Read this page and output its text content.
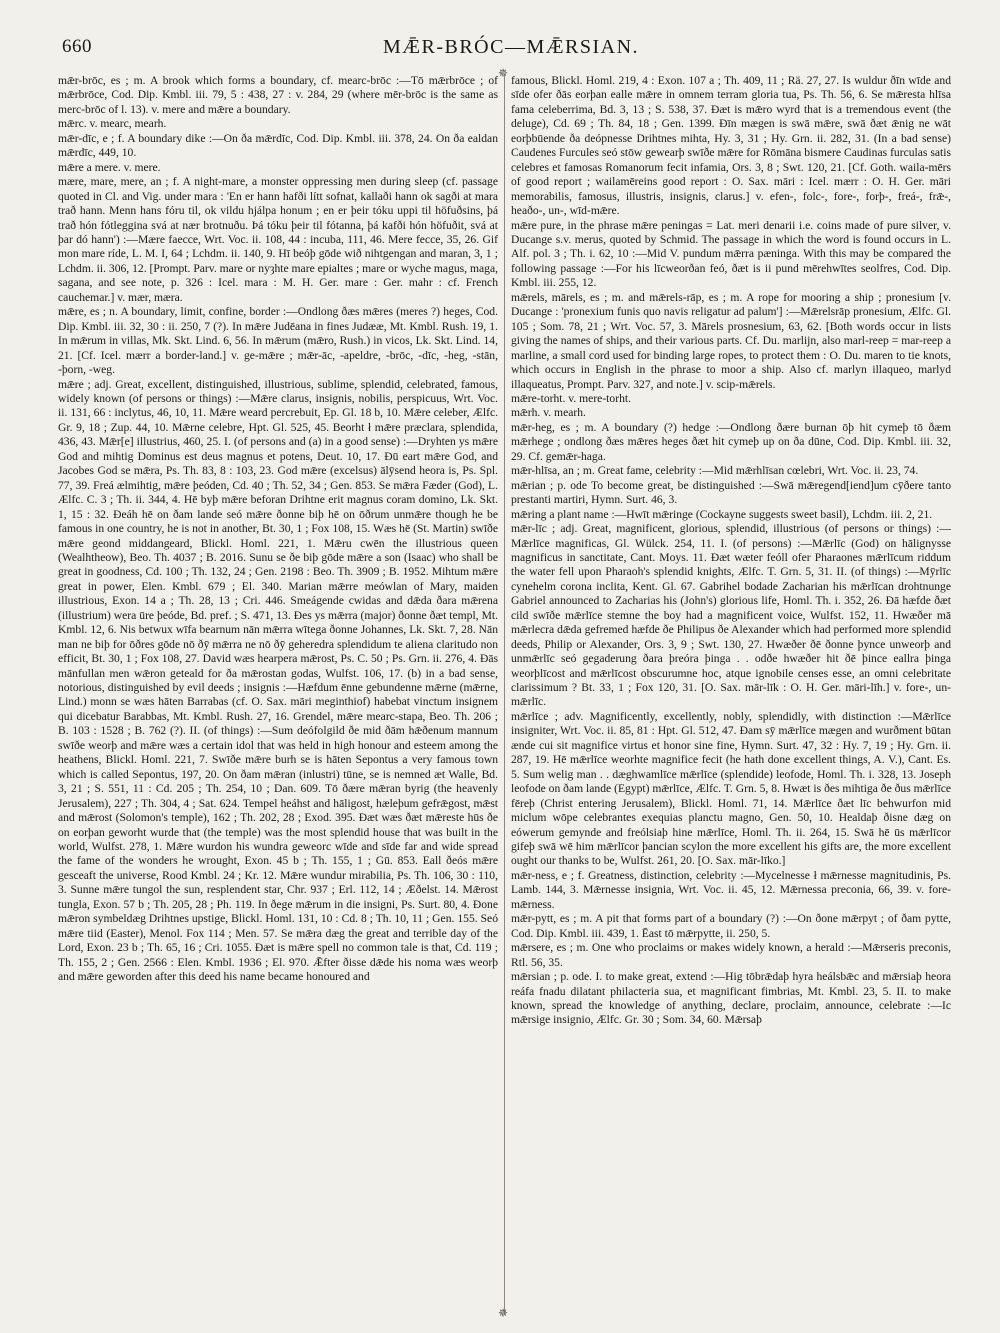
660	MǢR-BRÓC—MǢRSIAN.

mǣr-brōc, es ; m. A brook which forms a boundary, cf. mearc-brōc :—Tō mǣrbrōce ; of mǣrbrōce, Cod. Dip. Kmbl. iii. 79, 5 : 438, 27 : v. 284, 29 (where mēr-brōc is the same as merc-brōc of l. 13). v. mere and mǣre a boundary.

mǣrc. v. mearc, mearh.

mǣr-dīc, e ; f. A boundary dike :—On ða mǣrdīc, Cod. Dip. Kmbl. iii. 378, 24. On ða ealdan mǣrdīc, 449, 10.

mǣre a mere. v. mere.

mære, mare, mere, an ; f. A night-mare, a monster oppressing men during sleep (cf. passage quoted in Cl. and Vig. under mara : 'En er hann hafði lítt sofnat, kallaði hann ok sagði at mara trað hann. Menn hans fóru til, ok vildu hjálpa honum ; en er þeir tóku uppi til höfuðsins, þá trað hón fótleggina svá at nær brotnuðu. Þá tóku þeir til fótanna, þá kafði hón höfuðit, svá at þar dó hann') :—Mære faecce, Wrt. Voc. ii. 108, 44 : incuba, 111, 46. Mere fecce, 35, 26. Gif mon mare ríde, L. M. I, 64 ; Lchdm. ii. 140, 9. Hī beóþ gōde wið nihtgengan and maran, 3, 1 ; Lchdm. ii. 306, 12. [Prompt. Parv. mare or nyȝhte mare epialtes ; mare or wyche magus, maga, sagana, and see note, p. 326 : Icel. mara : M. H. Ger. mare : Ger. mahr : cf. French cauchemar.] v. mær, mæra.

mǣre, es ; n. A boundary, limit, confine, border :—Ondlong ðæs mǣres (meres ?) heges, Cod. Dip. Kmbl. iii. 32, 30 : ii. 250, 7 (?). In mǣre Judēana in fines Judææ, Mt. Kmbl. Rush. 19, 1. In mǣrum in villas, Mk. Skt. Lind. 6, 56. In mǣrum (mǣro, Rush.) in vicos, Lk. Skt. Lind. 14, 21. [Cf. Icel. mærr a border-land.] v. ge-mǣre ; mǣr-āc, -apeldre, -brōc, -dīc, -heg, -stān, -þorn, -weg.

mǣre ; adj. Great, excellent, distinguished, illustrious, sublime, splendid, celebrated, famous, widely known (of persons or things) :—Mǣre clarus, insignis, nobilis, perspicuus, Wrt. Voc. ii. 131, 66 : inclytus, 46, 10, 11. Mǣre weard percrebuit, Ep. Gl. 18 b, 10. Mǣre celeber, Ælfc. Gr. 9, 18 ; Zup. 44, 10. Mǣrne celebre, Hpt. Gl. 525, 45. Beorht ł mǣre præclara, splendida, 436, 43. Mǣr[e] illustrius, 460, 25. I. (of persons and (a) in a good sense) :—Dryhten ys mǣre God and mihtig Dominus est deus magnus et potens, Deut. 10, 17. Ðū eart mǣre God, and Jacobes God se mǣra, Ps. Th. 83, 8 : 103, 23. God mǣre (excelsus) ālȳsend heora is, Ps. Spl. 77, 39. Freá ælmihtig, mǣre þeóden, Cd. 40 ; Th. 52, 34 ; Gen. 853. Se mǣra Fæder (God), L. Ælfc. C. 3 ; Th. ii. 344, 4. Hē byþ mǣre beforan Drihtne erit magnus coram domino, Lk. Skt. 1, 15 : 32. Ðeáh hē on ðam lande seó mǣre ðonne biþ hē on ōðrum unmǣre though he be famous in one country, he is not in another, Bt. 30, 1 ; Fox 108, 15. Wæs hē (St. Martin) swīðe mǣre geond middangeard, Blickl. Homl. 221, 1. Mǣru cwēn the illustrious queen (Wealhtheow), Beo. Th. 4037 ; B. 2016. Sunu se ðe biþ gōde mǣre a son (Isaac) who shall be great in goodness, Cd. 100 ; Th. 132, 24 ; Gen. 2198 : Beo. Th. 3909 ; B. 1952. Mihtum mǣre great in power, Elen. Kmbl. 679 ; El. 340. Marian mǣrre meówlan of Mary, maiden illustrious, Exon. 14 a ; Th. 28, 13 ; Cri. 446. Smeágende cwidas and dǣda ðara mǣrena (illustrium) wera ūre þeóde, Bd. pref. ; S. 471, 13. Ðes ys mǣrra (major) ðonne ðæt templ, Mt. Kmbl. 12, 6. Nis betwux wīfa bearnum nān mǣrra wītega ðonne Johannes, Lk. Skt. 7, 28. Nān man ne biþ for ōðres gōde nō ðȳ mǣrra ne nō ðȳ geheredra splendidum te aliena claritudo non efficit, Bt. 30, 1 ; Fox 108, 27. David wæs hearpera mǣrost, Ps. C. 50 ; Ps. Grn. ii. 276, 4. Ðās mānfullan men wǣron geteald for ða mǣrostan godas, Wulfst. 106, 17. (b) in a bad sense, notorious, distinguished by evil deeds ; insignis :—Hæfdum ēnne gebundenne mǣrne (mǣrne, Lind.) monn se wæs hāten Barrabas (cf. O. Sax. māri meginthiof) habebat vinctum insignem qui dicebatur Barabbas, Mt. Kmbl. Rush. 27, 16. Grendel, mǣre mearc-stapa, Beo. Th. 206 ; B. 103 : 1528 ; B. 762 (?). II. (of things) :—Sum deófolgild ðe mid ðām hǣðenum mannum swīðe weorþ and mǣre wæs a certain idol that was held in high honour and esteem among the heathens, Blickl. Homl. 221, 7. Swīðe mǣre burh se is hāten Sepontus a very famous town which is called Sepontus, 197, 20. On ðam mǣran (inlustri) tūne, se is nemned æt Walle, Bd. 3, 21 ; S. 551, 11 : Cd. 205 ; Th. 254, 10 ; Dan. 609. Tō ðære mǣran byrig (the heavenly Jerusalem), 227 ; Th. 304, 4 ; Sat. 624. Tempel heáhst and hāligost, hæleþum gefrǣgost, mǣst and mǣrost (Solomon's temple), 162 ; Th. 202, 28 ; Exod. 395. Ðæt wæs ðæt mǣreste hūs ðe on eorþan geworht wurde that (the temple) was the most splendid house that was built in the world, Wulfst. 278, 1. Mǣre wurdon his wundra geweorc wīde and sīde far and wide spread the fame of the wonders he wrought, Exon. 45 b ; Th. 155, 1 ; Gū. 853. Eall ðeós mǣre gesceaft the universe, Rood Kmbl. 24 ; Kr. 12. Mǣre wundur mirabilia, Ps. Th. 106, 30 : 110, 3. Sunne mǣre tungol the sun, resplendent star, Chr. 937 ; Erl. 112, 14 ; Æðelst. 14. Mǣrost tungla, Exon. 57 b ; Th. 205, 28 ; Ph. 119. In ðege mǣrum in die insigni, Ps. Surt. 80, 4. Ðone mǣron symbeldæg Drihtnes upstige, Blickl. Homl. 131, 10 : Cd. 8 ; Th. 10, 11 ; Gen. 155. Seó mǣre tiid (Easter), Menol. Fox 114 ; Men. 57. Se mǣra dæg the great and terrible day of the Lord, Exon. 23 b ; Th. 65, 16 ; Cri. 1055. Ðæt is mǣre spell no common tale is that, Cd. 119 ; Th. 155, 2 ; Gen. 2566 : Elen. Kmbl. 1936 ; El. 970. Ǣfter ðisse dǣde his noma wæs weorþ and mǣre geworden after this deed his name became honoured and

✵
✵

famous, Blickl. Homl. 219, 4 : Exon. 107 a ; Th. 409, 11 ; Rä. 27, 27. Is wuldur ðīn wīde and sīde ofer ðās eorþan ealle mǣre in omnem terram gloria tua, Ps. Th. 56, 6. Se mǣresta hlīsa fama celeberrima, Bd. 3, 13 ; S. 538, 37. Ðæt is mǣro wyrd that is a tremendous event (the deluge), Cd. 69 ; Th. 84, 18 ; Gen. 1399. Ðīn mægen is swā mǣre, swā ðæt ǣnig ne wāt eorþbūende ða deópnesse Drihtnes mihta, Hy. 3, 31 ; Hy. Grn. ii. 282, 31. (In a bad sense) Caudenes Furcules seó stōw gewearþ swīðe mǣre for Rōmāna bismere Caudinas furculas satis celebres et famosas Romanorum fecit infamia, Ors. 3, 8 ; Swt. 120, 21. [Cf. Goth. waila-mērs of good report ; wailamēreins good report : O. Sax. māri : Icel. mærr : O. H. Ger. māri memorabilis, famosus, illustris, insignis, clarus.] v. efen-, folc-, fore-, forþ-, freá-, frǣ-, heaðo-, un-, wīd-mǣre.

mǣre pure, in the phrase mǣre peningas = Lat. meri denarii i.e. coins made of pure silver, v. Ducange s.v. merus, quoted by Schmid. The passage in which the word is found occurs in L. Alf. pol. 3 ; Th. i. 62, 10 :—Mid V. pundum mǣrra pæninga. With this may be compared the following passage :—For his līcweorðan feó, ðæt is ii pund mērehwītes seolfres, Cod. Dip. Kmbl. iii. 255, 12.

mǣrels, mārels, es ; m. and mǣrels-rāp, es ; m. A rope for mooring a ship ; pronesium [v. Ducange : 'pronexium funis quo navis religatur ad palum'] :—Mǣrelsrāp pronesium, Ælfc. Gl. 105 ; Som. 78, 21 ; Wrt. Voc. 57, 3. Mārels prosnesium, 63, 62. [Both words occur in lists giving the names of ships, and their various parts. Cf. Du. marlijn, also marl-reep = mar-reep a marline, a small cord used for binding large ropes, to protect them : O. Du. maren to tie knots, which occurs in English in the phrase to moor a ship. Also cf. marlyn illaqueo, marlyd illaqueatus, Prompt. Parv. 327, and note.] v. scip-mǣrels.

mǣre-torht. v. mere-torht.

mǣrh. v. mearh.

mǣr-heg, es ; m. A boundary (?) hedge :—Ondlong ðære burnan ōþ hit cymeþ tō ðæm mǣrhege ; ondlong ðæs mǣres heges ðæt hit cymeþ up on ða dūne, Cod. Dip. Kmbl. iii. 32, 29. Cf. gemǣr-haga.

mǣr-hlīsa, an ; m. Great fame, celebrity :—Mid mǣrhlīsan cœlebri, Wrt. Voc. ii. 23, 74.

mǣrian ; p. ode To become great, be distinguished :—Swā mǣregend[iend]um cȳðere tanto prestanti martiri, Hymn. Surt. 46, 3.

mǣring a plant name :—Hwīt mǣringe (Cockayne suggests sweet basil), Lchdm. iii. 2, 21.

mǣr-līc ; adj. Great, magnificent, glorious, splendid, illustrious (of persons or things) :—Mǣrlīce magnificas, Gl. Wülck. 254, 11. I. (of persons) :—Mǣrlīc (God) on hālignysse magnificus in sanctitate, Cant. Moys. 11. Ðæt wæter feóll ofer Pharaones mǣrlīcum riddum the water fell upon Pharaoh's splendid knights, Ælfc. T. Grn. 5, 31. II. (of things) :—Mȳrlīc cynehelm corona inclita, Kent. Gl. 67. Gabrihel bodade Zacharian his mǣrlīcan drohtnunge Gabriel announced to Zacharias his (John's) glorious life, Homl. Th. i. 352, 26. Ðā hæfde ðæt cild swīðe mǣrlīce stemne the boy had a magnificent voice, Wulfst. 152, 11. Hwæðer mā mǣrlecra dǣda gefremed hæfde ðe Philipus ðe Alexander which had performed more splendid deeds, Philip or Alexander, Ors. 3, 9 ; Swt. 130, 27. Hwæðer ðē ðonne þynce unweorþ and unmǣrlīc seó gegaderung ðara þreóra þinga . . odðe hwæðer hit ðē þince eallra þinga weorþlīcost and mǣrlīcost obscurumne hoc, atque ignobile censes esse, an omni celebritate clarissimum ? Bt. 33, 1 ; Fox 120, 31. [O. Sax. mār-līk : O. H. Ger. māri-līh.] v. fore-, un-mǣrlīc.

mǣrlīce ; adv. Magnificently, excellently, nobly, splendidly, with distinction :—Mǣrlīce insigniter, Wrt. Voc. ii. 85, 81 : Hpt. Gl. 512, 47. Ðam sȳ mǣrlīce mægen and wurðment būtan ænde cui sit magnifice virtus et honor sine fine, Hymn. Surt. 47, 32 : Hy. 7, 19 ; Hy. Grn. ii. 287, 19. Hē mǣrlīce weorhte magnifice fecit (he hath done excellent things, A. V.), Cant. Es. 5. Sum welig man . . dæghwamlīce mǣrlīce (splendide) leofode, Homl. Th. i. 328, 13. Joseph leofode on ðam lande (Egypt) mǣrlīce, Ælfc. T. Grn. 5, 8. Hwæt is ðes mihtiga ðe ðus mǣrlīce fēreþ (Christ entering Jerusalem), Blickl. Homl. 71, 14. Mǣrlīce ðæt līc behwurfon mid miclum wōpe celebrantes exequias planctu magno, Gen. 50, 10. Healdaþ ðisne dæg on eówerum gemynde and freólsiaþ hine mǣrlīce, Homl. Th. ii. 264, 15. Swā hē ūs mǣrlīcor gifeþ swā wē him mǣrlīcor þancian scylon the more excellent his gifts are, the more excellent ought our thanks to be, Wulfst. 261, 20. [O. Sax. mār-līko.]

mǣr-ness, e ; f. Greatness, distinction, celebrity :—Mycelnesse ł mǣrnesse magnitudinis, Ps. Lamb. 144, 3. Mǣrnesse insignia, Wrt. Voc. ii. 45, 12. Mǣrnessa preconia, 66, 39. v. fore-mǣrness.

mǣr-pytt, es ; m. A pit that forms part of a boundary (?) :—On ðone mǣrpyt ; of ðam pytte, Cod. Dip. Kmbl. iii. 439, 1. Ēast tō mǣrpytte, ii. 250, 5.

mǣrsere, es ; m. One who proclaims or makes widely known, a herald :—Mǣrseris preconis, Rtl. 56, 35.

mǣrsian ; p. ode. I. to make great, extend :—Hig tōbrǣdaþ hyra heálsbǣc and mǣrsiaþ heora reáfa fnadu dilatant philacteria sua, et magnificant fimbrias, Mt. Kmbl. 23, 5. II. to make known, spread the knowledge of anything, declare, proclaim, announce, celebrate :—Ic mǣrsige insignio, Ælfc. Gr. 30 ; Som. 34, 60. Mǣrsaþ
